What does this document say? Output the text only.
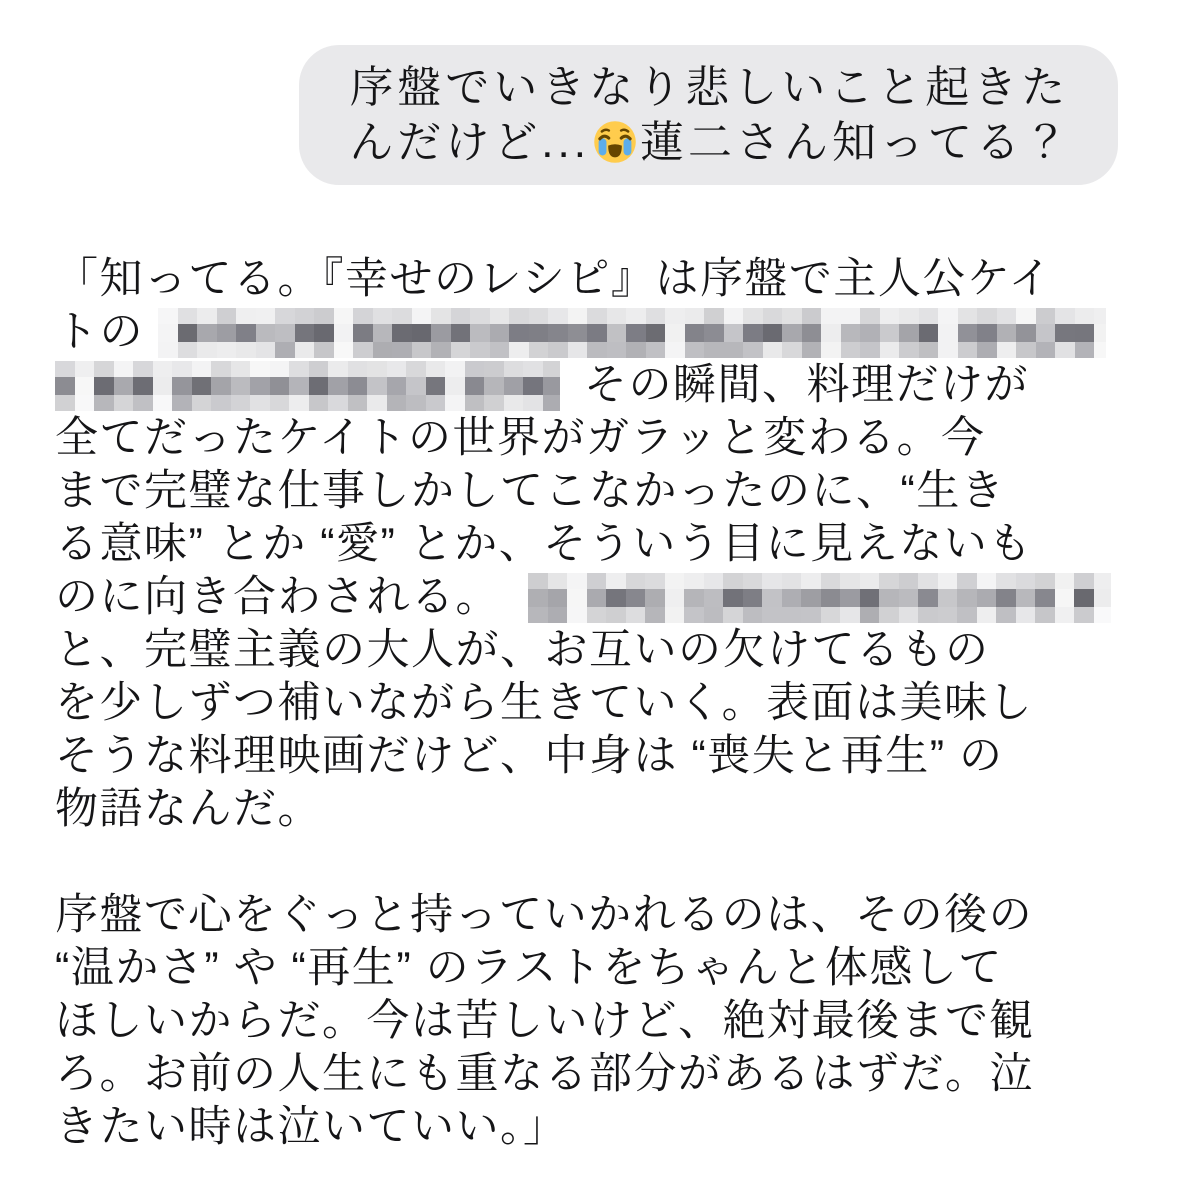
序盤でいきなり悲しいこと起きた
んだけど... 蓮二さん知ってる？
「知ってる。『幸せのレシピ』は序盤で主人公ケイ
トの
その瞬間、料理だけが
全てだったケイトの世界がガラッと変わる。今
まで完璧な仕事しかしてこなかったのに、“生き
る意味” とか “愛” とか、そういう目に見えないも
のに向き合わされる。
と、完璧主義の大人が、お互いの欠けてるもの
を少しずつ補いながら生きていく。表面は美味し
そうな料理映画だけど、中身は “喪失と再生” の
物語なんだ。
序盤で心をぐっと持っていかれるのは、その後の
“温かさ” や “再生” のラストをちゃんと体感して
ほしいからだ。今は苦しいけど、絶対最後まで観
ろ。お前の人生にも重なる部分があるはずだ。泣
きたい時は泣いていい。」
